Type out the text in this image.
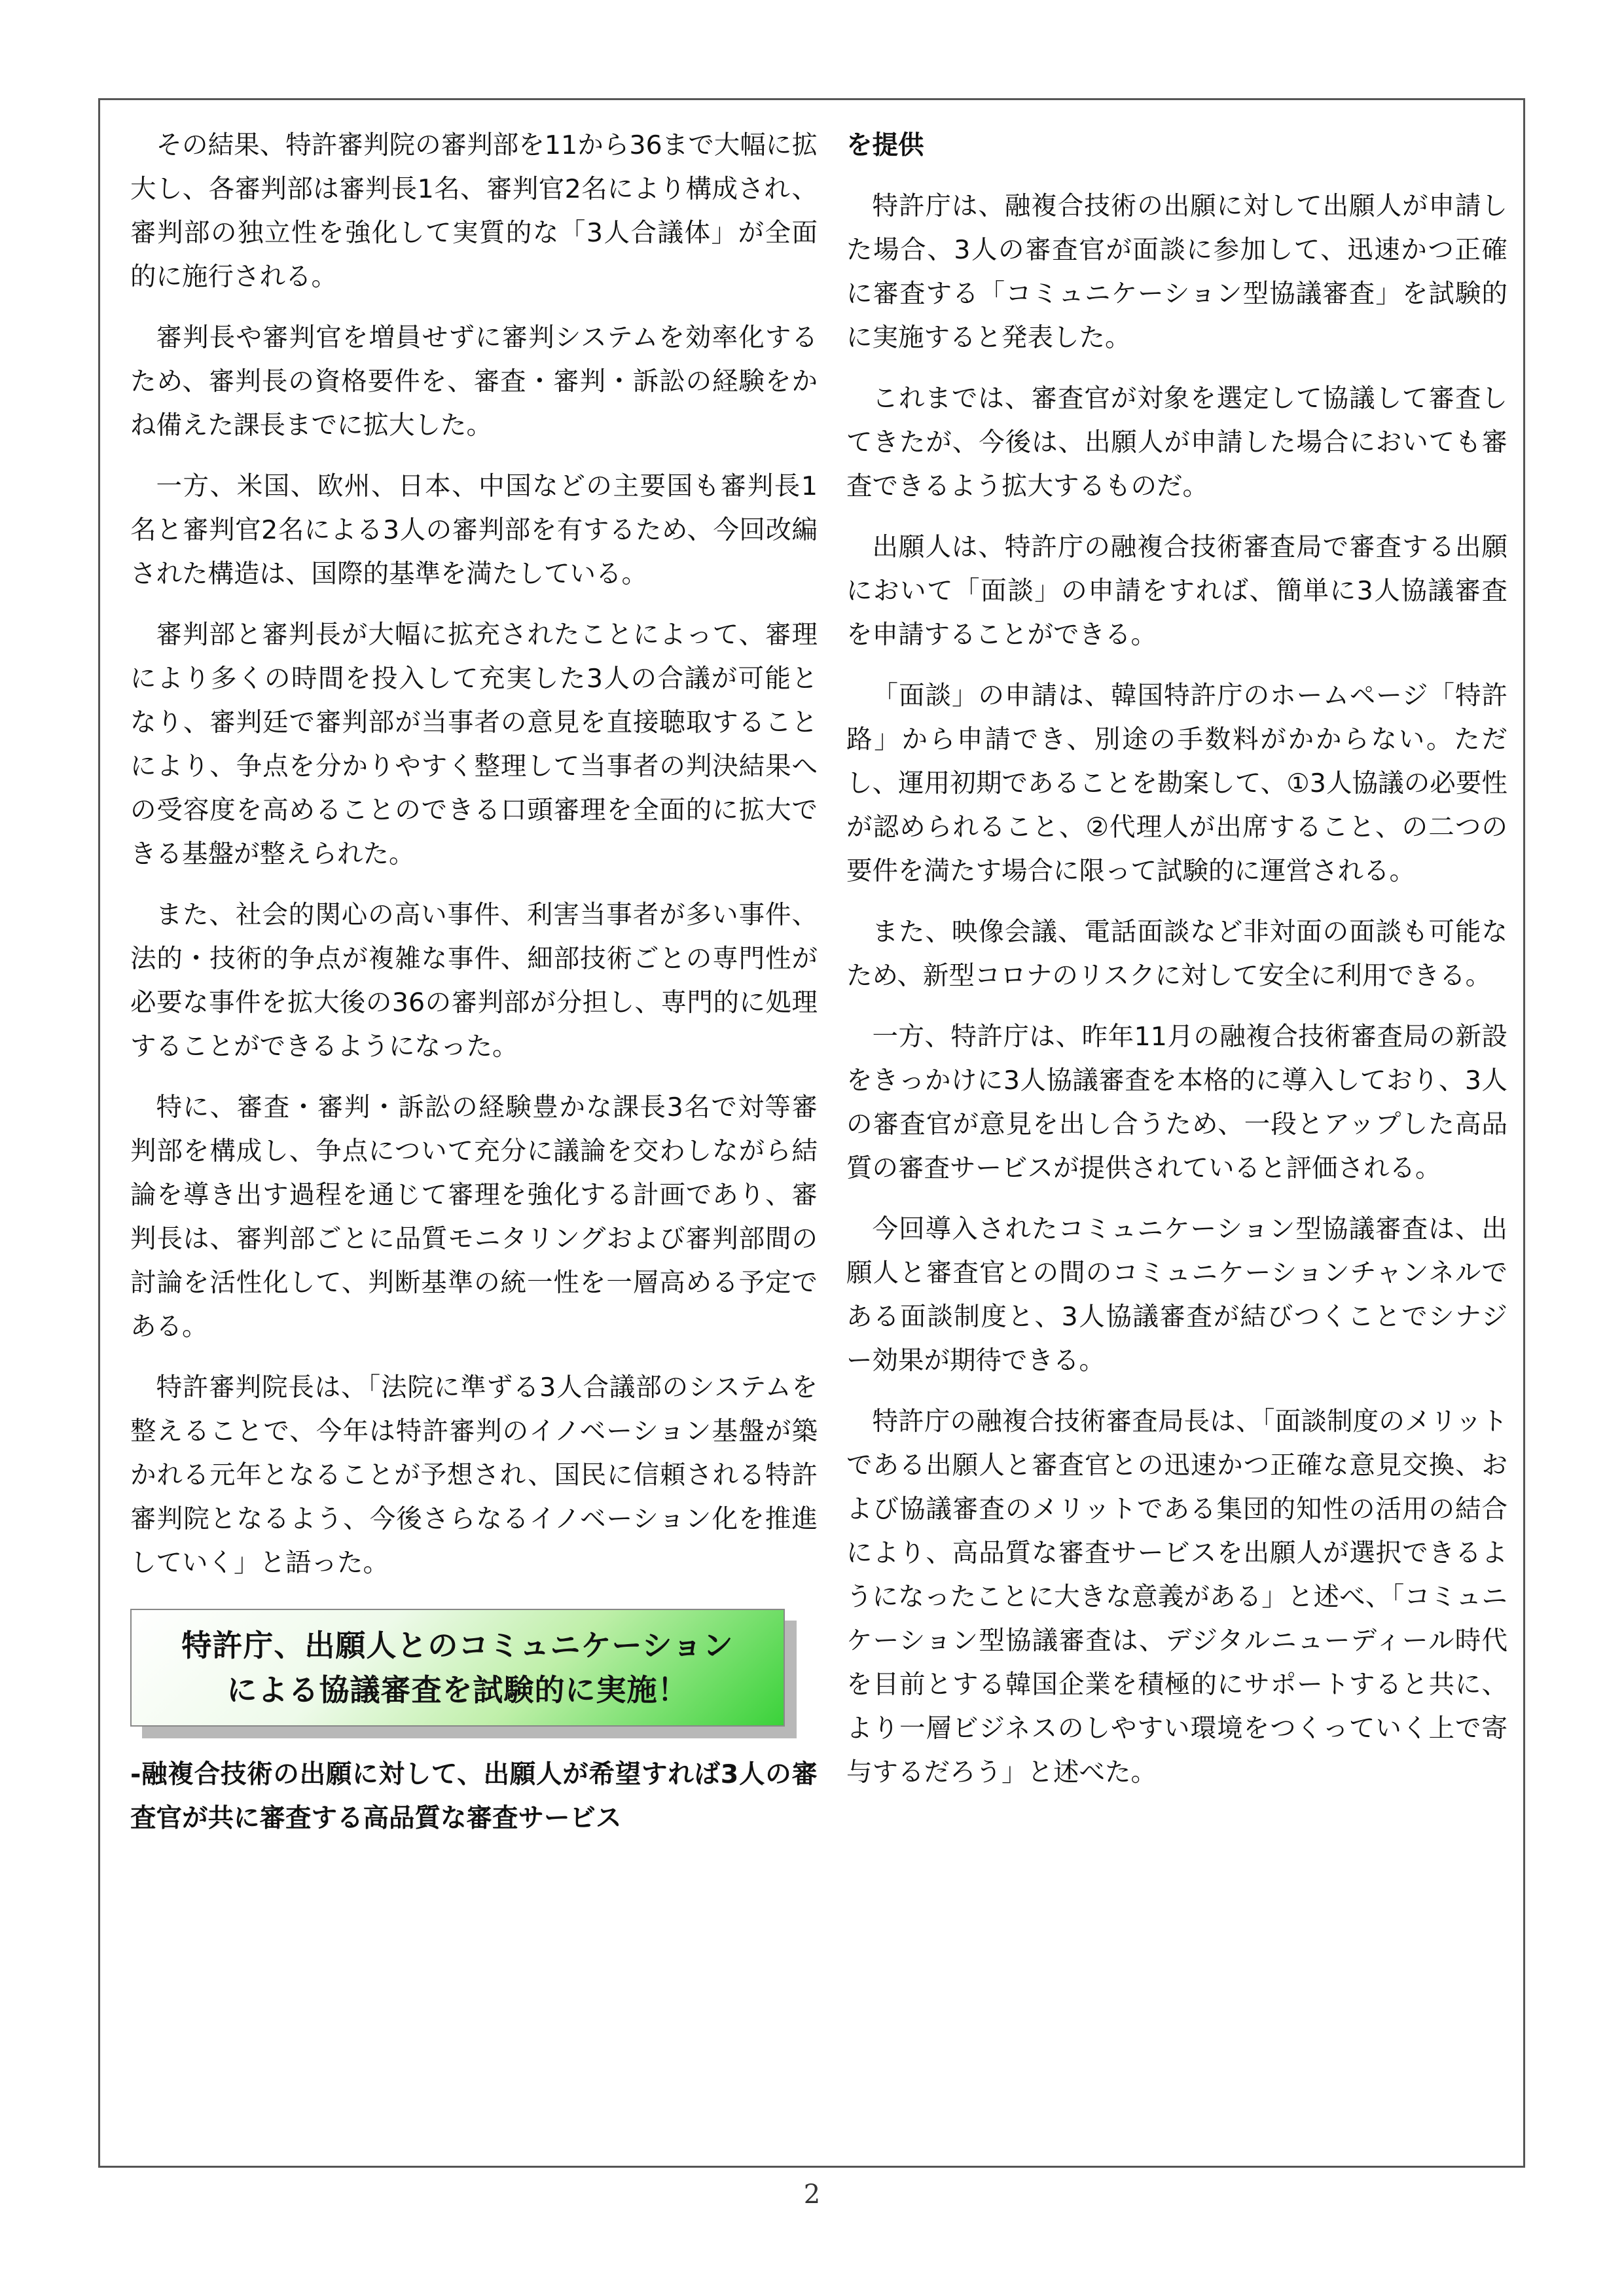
その結果、特許審判院の審判部を11から36まで大幅に拡大し、各審判部は審判長1名、審判官2名により構成され、審判部の独立性を強化して実質的な「3人合議体」が全面的に施行される。

審判長や審判官を増員せずに審判システムを効率化するため、審判長の資格要件を、審査・審判・訴訟の経験をかね備えた課長までに拡大した。

一方、米国、欧州、日本、中国などの主要国も審判長1名と審判官2名による3人の審判部を有するため、今回改編された構造は、国際的基準を満たしている。

審判部と審判長が大幅に拡充されたことによって、審理により多くの時間を投入して充実した3人の合議が可能となり、審判廷で審判部が当事者の意見を直接聴取することにより、争点を分かりやすく整理して当事者の判決結果への受容度を高めることのできる口頭審理を全面的に拡大できる基盤が整えられた。

また、社会的関心の高い事件、利害当事者が多い事件、法的・技術的争点が複雑な事件、細部技術ごとの専門性が必要な事件を拡大後の36の審判部が分担し、専門的に処理することができるようになった。

特に、審査・審判・訴訟の経験豊かな課長3名で対等審判部を構成し、争点について充分に議論を交わしながら結論を導き出す過程を通じて審理を強化する計画であり、審判長は、審判部ごとに品質モニタリングおよび審判部間の討論を活性化して、判断基準の統一性を一層高める予定である。

特許審判院長は、「法院に準ずる3人合議部のシステムを整えることで、今年は特許審判のイノベーション基盤が築かれる元年となることが予想され、国民に信頼される特許審判院となるよう、今後さらなるイノベーション化を推進していく」と語った。

特許庁、出願人とのコミュニケーション
による協議審査を試験的に実施！

-融複合技術の出願に対して、出願人が希望すれば3人の審査官が共に審査する高品質な審査サービス

を提供

特許庁は、融複合技術の出願に対して出願人が申請した場合、3人の審査官が面談に参加して、迅速かつ正確に審査する「コミュニケーション型協議審査」を試験的に実施すると発表した。

これまでは、審査官が対象を選定して協議して審査してきたが、今後は、出願人が申請した場合においても審査できるよう拡大するものだ。

出願人は、特許庁の融複合技術審査局で審査する出願において「面談」の申請をすれば、簡単に3人協議審査を申請することができる。

「面談」の申請は、韓国特許庁のホームページ「特許路」から申請でき、別途の手数料がかからない。ただし、運用初期であることを勘案して、①3人協議の必要性が認められること、②代理人が出席すること、の二つの要件を満たす場合に限って試験的に運営される。

また、映像会議、電話面談など非対面の面談も可能なため、新型コロナのリスクに対して安全に利用できる。

一方、特許庁は、昨年11月の融複合技術審査局の新設をきっかけに3人協議審査を本格的に導入しており、3人の審査官が意見を出し合うため、一段とアップした高品質の審査サービスが提供されていると評価される。

今回導入されたコミュニケーション型協議審査は、出願人と審査官との間のコミュニケーションチャンネルである面談制度と、3人協議審査が結びつくことでシナジー効果が期待できる。

特許庁の融複合技術審査局長は、「面談制度のメリットである出願人と審査官との迅速かつ正確な意見交換、および協議審査のメリットである集団的知性の活用の結合により、高品質な審査サービスを出願人が選択できるようになったことに大きな意義がある」と述べ、「コミュニケーション型協議審査は、デジタルニューディール時代を目前とする韓国企業を積極的にサポートすると共に、より一層ビジネスのしやすい環境をつくっていく上で寄与するだろう」と述べた。

2
